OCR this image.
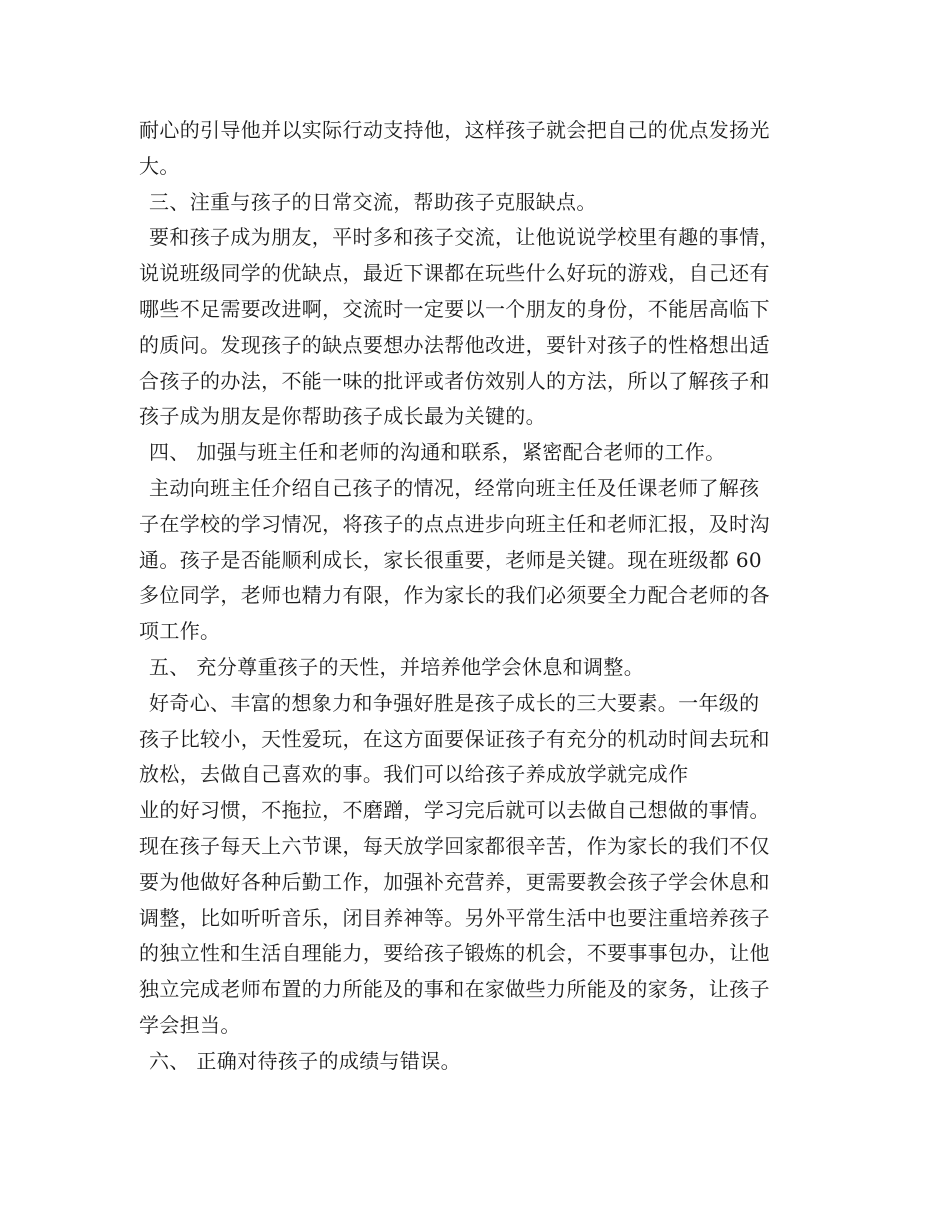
耐心的引导他并以实际行动支持他，这样孩子就会把自己的优点发扬光
大。
三、注重与孩子的日常交流，帮助孩子克服缺点。
要和孩子成为朋友，平时多和孩子交流，让他说说学校里有趣的事情，
说说班级同学的优缺点，最近下课都在玩些什么好玩的游戏，自己还有
哪些不足需要改进啊，交流时一定要以一个朋友的身份，不能居高临下
的质问。发现孩子的缺点要想办法帮他改进，要针对孩子的性格想出适
合孩子的办法，不能一味的批评或者仿效别人的方法，所以了解孩子和
孩子成为朋友是你帮助孩子成长最为关键的。
四、 加强与班主任和老师的沟通和联系，紧密配合老师的工作。
主动向班主任介绍自己孩子的情况，经常向班主任及任课老师了解孩
子在学校的学习情况，将孩子的点点进步向班主任和老师汇报，及时沟
通。孩子是否能顺利成长，家长很重要，老师是关键。现在班级都 60
多位同学，老师也精力有限，作为家长的我们必须要全力配合老师的各
项工作。
五、 充分尊重孩子的天性，并培养他学会休息和调整。
好奇心、丰富的想象力和争强好胜是孩子成长的三大要素。一年级的
孩子比较小，天性爱玩，在这方面要保证孩子有充分的机动时间去玩和
放松，去做自己喜欢的事。我们可以给孩子养成放学就完成作
业的好习惯，不拖拉，不磨蹭，学习完后就可以去做自己想做的事情。
现在孩子每天上六节课，每天放学回家都很辛苦，作为家长的我们不仅
要为他做好各种后勤工作，加强补充营养，更需要教会孩子学会休息和
调整，比如听听音乐，闭目养神等。另外平常生活中也要注重培养孩子
的独立性和生活自理能力，要给孩子锻炼的机会，不要事事包办，让他
独立完成老师布置的力所能及的事和在家做些力所能及的家务，让孩子
学会担当。
六、 正确对待孩子的成绩与错误。
